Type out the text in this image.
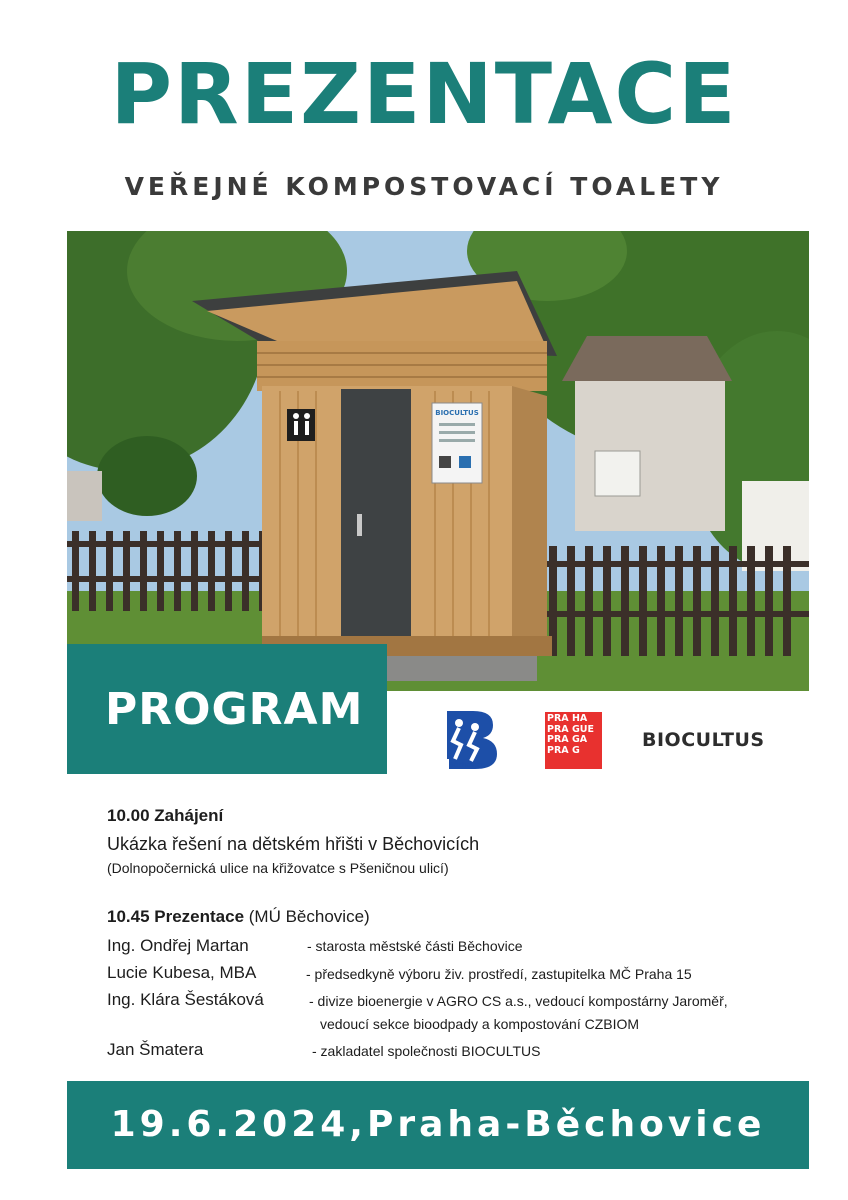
PREZENTACE
VEŘEJNÉ KOMPOSTOVACÍ TOALETY
BIOCULTUS
PROGRAM
Běchovice
PRA HA
PRA GUE
PRA GA
PRA G	BIOCULTUS
10.00 Zahájení
Ukázka řešení na dětském hřišti v Běchovicích
(Dolnopočernická ulice na křižovatce s Pšeničnou ulicí)
10.45 Prezentace (MÚ Běchovice)
Ing. Ondřej Martan	- starosta městské části Běchovice
Lucie Kubesa, MBA	- předsedkyně výboru živ. prostředí, zastupitelka MČ Praha 15
Ing. Klára Šestáková	- divize bioenergie v AGRO CS a.s., vedoucí kompostárny Jaroměř,
vedoucí sekce bioodpady a kompostování CZBIOM
Jan Šmatera	- zakladatel společnosti BIOCULTUS
19.6.2024,Praha-Běchovice
